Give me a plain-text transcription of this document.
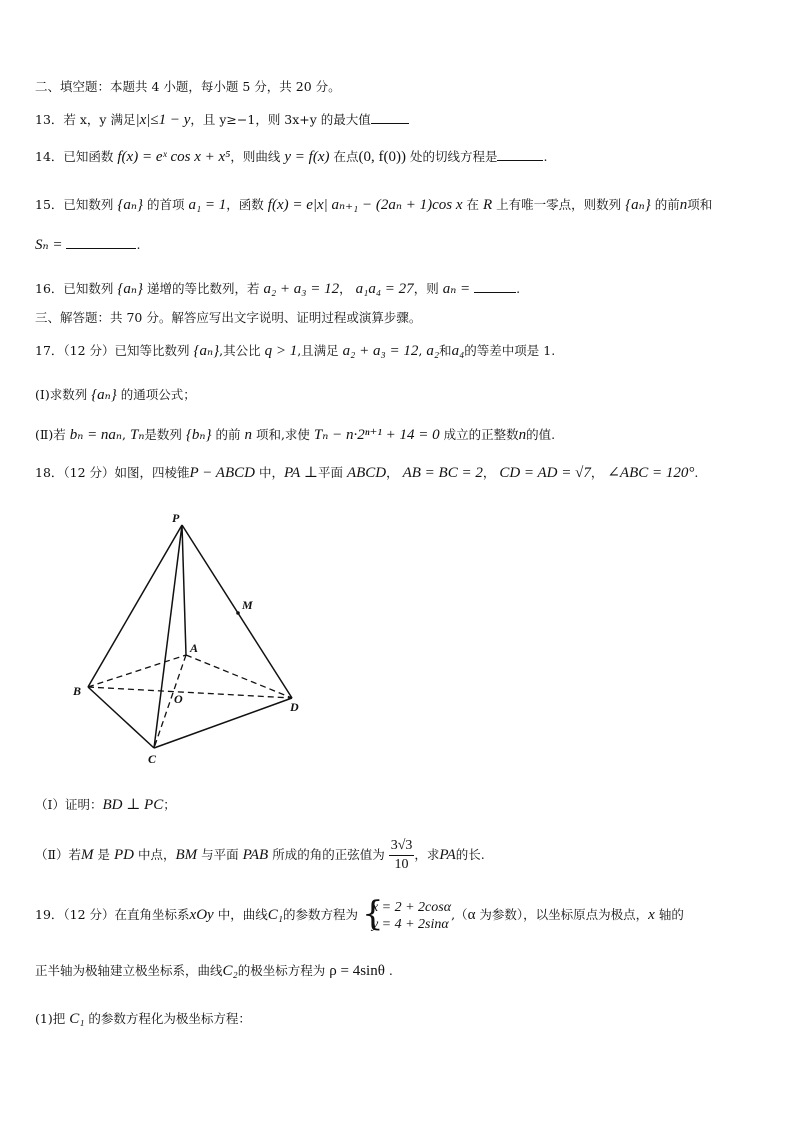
二、填空题：本题共 4 小题，每小题 5 分，共 20 分。
13．若 x，y 满足|x|≤1 − y，且 y≥−1，则 3x+y 的最大值
14．已知函数 f(x) = eˣ cos x + x⁵，则曲线 y = f(x) 在点(0, f(0)) 处的切线方程是	.
15．已知数列 {aₙ} 的首项 a₁ = 1，函数 f(x) = e|x| aₙ₊₁ − (2aₙ + 1)cos x 在 R 上有唯一零点，则数列 {aₙ} 的前n项和
Sₙ =	.
16．已知数列 {aₙ} 递增的等比数列，若 a₂ + a₃ = 12， a₁a₄ = 27，则 aₙ =	.
三、解答题：共 70 分。解答应写出文字说明、证明过程或演算步骤。
17．（12 分）已知等比数列 {aₙ},其公比 q > 1,且满足 a₂ + a₃ = 12, a₂和a₄的等差中项是 1.
(Ⅰ)求数列 {aₙ} 的通项公式；
(Ⅱ)若 bₙ = naₙ, Tₙ是数列 {bₙ} 的前 n 项和,求使 Tₙ − n·2ⁿ⁺¹ + 14 = 0 成立的正整数n的值.
18．（12 分）如图，四棱锥P − ABCD 中，PA ⊥平面 ABCD， AB = BC = 2， CD = AD = √7， ∠ABC = 120°.
P
M
A
B
O
D
C
（Ⅰ）证明：BD ⊥ PC；
（Ⅱ）若M 是 PD 中点，BM 与平面 PAB 所成的角的正弦值为 $\frac{3√3}{10}$ ，求PA的长.
19．（12 分）在直角坐标系xOy 中，曲线C₁的参数方程为 {
x = 2 + 2cosα
y = 4 + 2sinα
,（α 为参数），以坐标原点为极点，x 轴的
正半轴为极轴建立极坐标系，曲线C₂的极坐标方程为 ρ = 4sinθ .
(1)把 C₁ 的参数方程化为极坐标方程：
